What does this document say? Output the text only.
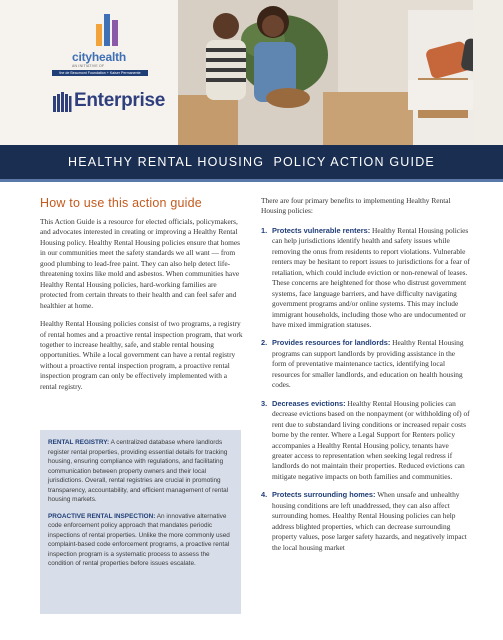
cityhealth
AN INITIATIVE OF
the de Beaumont Foundation + Kaiser Permanente
Enterprise
HEALTHY RENTAL HOUSING  POLICY ACTION GUIDE
How to use this action guide

This Action Guide is a resource for elected officials, policymakers, and advocates interested in creating or improving a Healthy Rental Housing policy. Healthy Rental Housing policies ensure that homes in our communities meet the safety standards we all want — from good plumbing to lead-free paint. They can also help detect life-threatening toxins like mold and asbestos. When communities have Healthy Rental Housing policies, hard-working families are protected from certain threats to their health and can feel safer and healthier at home.

Healthy Rental Housing policies consist of two programs, a registry of rental homes and a proactive rental inspection program, that work together to increase healthy, safe, and stable rental housing opportunities. While a local government can have a rental registry without a proactive rental inspection program, a proactive rental inspection program can only be effectively implemented with a rental registry.

RENTAL REGISTRY: A centralized database where landlords register rental properties, providing essential details for tracking housing, ensuring compliance with regulations, and facilitating communication between property owners and their local jurisdictions. Overall, rental registries are crucial in promoting transparency, accountability, and efficient management of rental housing markets.

PROACTIVE RENTAL INSPECTION: An innovative alternative code enforcement policy approach that mandates periodic inspections of rental properties. Unlike the more commonly used complaint-based code enforcement programs, a proactive rental inspection program is a systematic process to assess the condition of rental properties before issues escalate.

There are four primary benefits to implementing Healthy Rental Housing policies:

1. Protects vulnerable renters: Healthy Rental Housing policies can help jurisdictions identify health and safety issues while removing the onus from residents to report violations. Vulnerable renters may be hesitant to report issues to jurisdictions for a fear of retaliation, which could include eviction or non-renewal of leases. These concerns are heightened for those who distrust government systems, face language barriers, and have difficulty navigating government programs and/or online systems. This may include immigrant households, including those who are undocumented or have mixed immigration statuses.
2. Provides resources for landlords: Healthy Rental Housing programs can support landlords by providing assistance in the form of preventative maintenance tactics, identifying local resources for smaller landlords, and education on health housing codes.
3. Decreases evictions: Healthy Rental Housing policies can decrease evictions based on the nonpayment (or withholding of) of rent due to substandard living conditions or increased repair costs borne by the renter. Where a Legal Support for Renters policy accompanies a Healthy Rental Housing policy, tenants have greater access to representation when seeking legal redress if landlords do not maintain their properties. Reduced evictions can mitigate negative impacts on both families and communities.
4. Protects surrounding homes: When unsafe and unhealthy housing conditions are left unaddressed, they can also affect surrounding homes. Healthy Rental Housing policies can help address blighted properties, which can decrease surrounding property values, pose larger safety hazards, and negatively impact the local housing market
